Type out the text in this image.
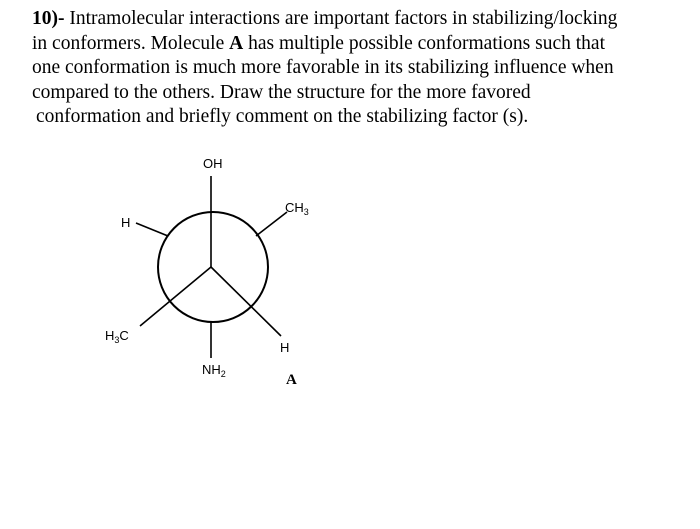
10)- Intramolecular interactions are important factors in stabilizing/locking
in conformers. Molecule A has multiple possible conformations such that
one conformation is much more favorable in its stabilizing influence when
compared to the others. Draw the structure for the more favored
conformation and briefly comment on the stabilizing factor (s).
OH
H
$CH_3$
$H_3C$
H
$NH_2$	A
